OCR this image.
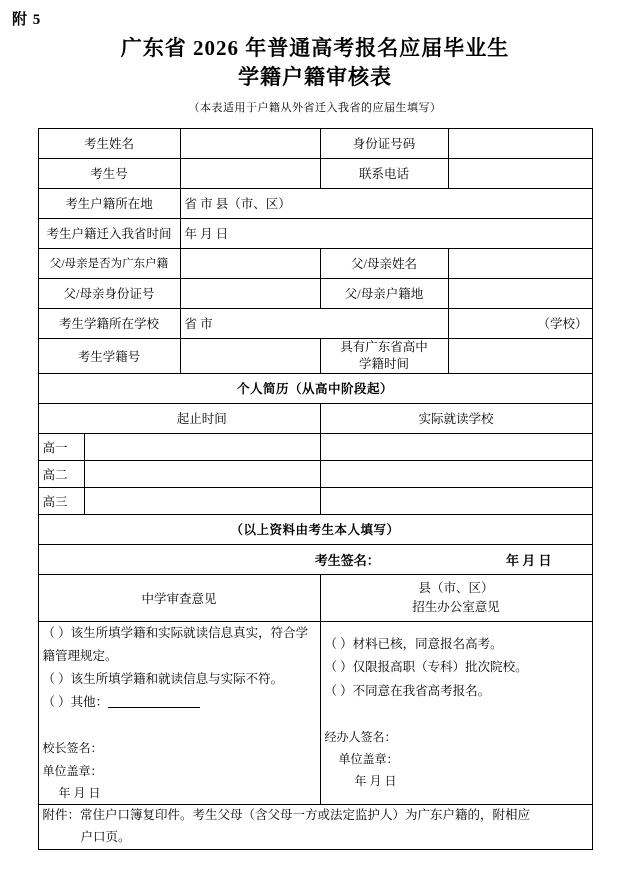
附 5
广东省 2026 年普通高考报名应届毕业生
学籍户籍审核表
（本表适用于户籍从外省迁入我省的应届生填写）
考生姓名		身份证号码	
考生号		联系电话	
考生户籍所在地	省 市 县（市、区）		
考生户籍迁入我省时间	年 月 日		
父/母亲是否为广东户籍		父/母亲姓名	
父/母亲身份证号		父/母亲户籍地	
考生学籍所在学校	省 市		（学校）
考生学籍号		具有广东省高中
学籍时间	

个人简历（从高中阶段起）			
	起止时间	实际就读学校
高一		
高二		
高三		
（以上资料由考生本人填写）		
考生签名： 年 月 日		
中学审查意见	县（市、区）
招生办公室意见

（ ）该生所填学籍和实际就读信息真实，符合学籍管理规定。
（ ）该生所填学籍和就读信息与实际不符。
（ ）其他：
校长签名：
单位盖章：
年 月 日

（ ）材料已核，同意报名高考。
（ ）仅限报高职（专科）批次院校。
（ ）不同意在我省高考报名。
经办人签名：
单位盖章：
年 月 日

附件：常住户口簿复印件。考生父母（含父母一方或法定监护人）为广东户籍的，附相应
户口页。	
